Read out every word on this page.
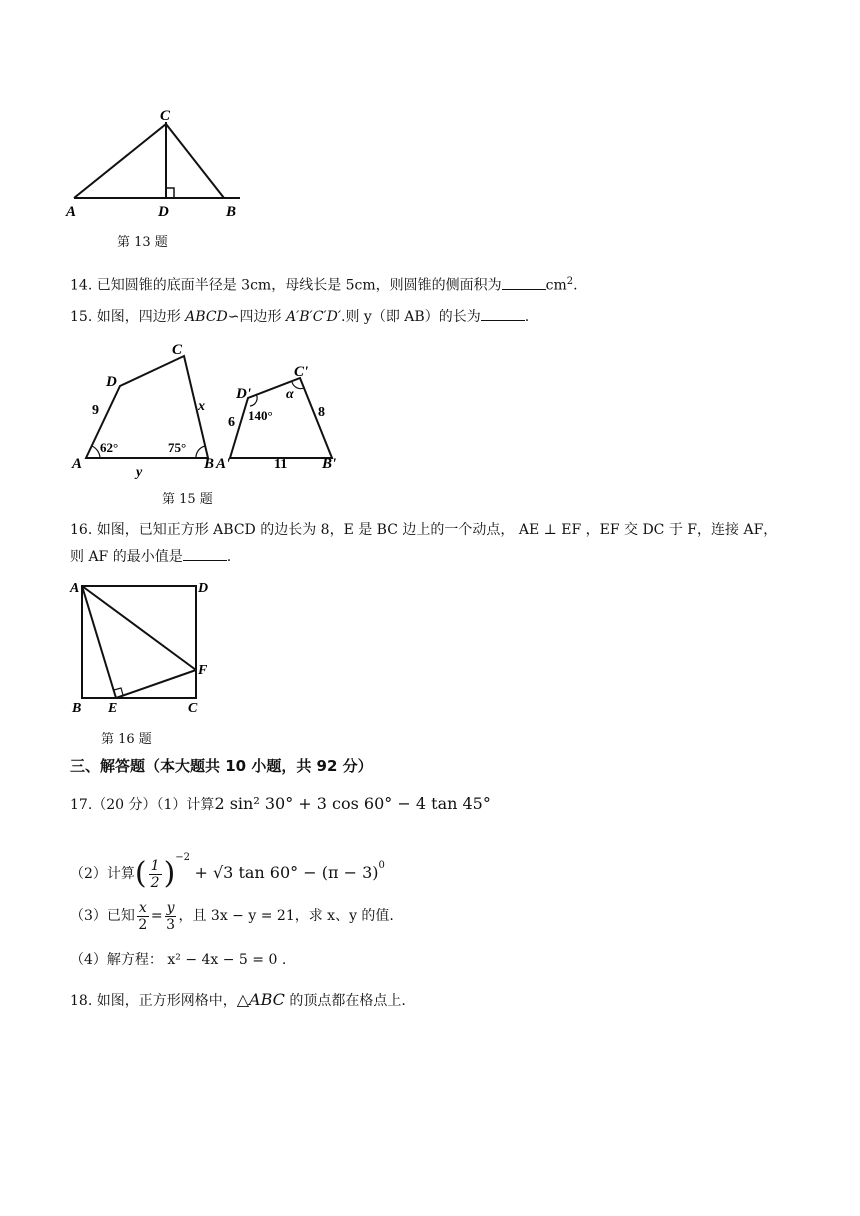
C
A	D	B
第 13 题
14. 已知圆锥的底面半径是 3cm，母线长是 5cm，则圆锥的侧面积为	$cm^2$.
15. 如图，四边形 ABCD∽四边形 A′B′C′D′.则 y（即 AB）的长为	.
A
D
C
B
9	x
y
62°	75°
A'
D'
C'
B'
6
8
11
140°
α
第 15 题
16. 如图，已知正方形 ABCD 的边长为 8，E 是 BC 边上的一个动点， AE ⊥ EF ，EF 交 DC 于 F，连接 AF，
则 AF 的最小值是	.
A	D
F
B E	C
第 16 题
三、解答题（本大题共 10 小题，共 92 分）
17.（20 分）（1）计算2 sin² 30° + 3 cos 60° − 4 tan 45°
（2）计算( $\frac{1}{2} )^{-2} + √3$ $\tan 60^\circ - (\pi - 3)^0$
（3）已知 $\frac{x}{2} = \frac{y}{3}$ ，且 3x − y = 21，求 x、y 的值.
（4）解方程： x² − 4x − 5 = 0 .
18. 如图，正方形网格中，△ABC 的顶点都在格点上.
